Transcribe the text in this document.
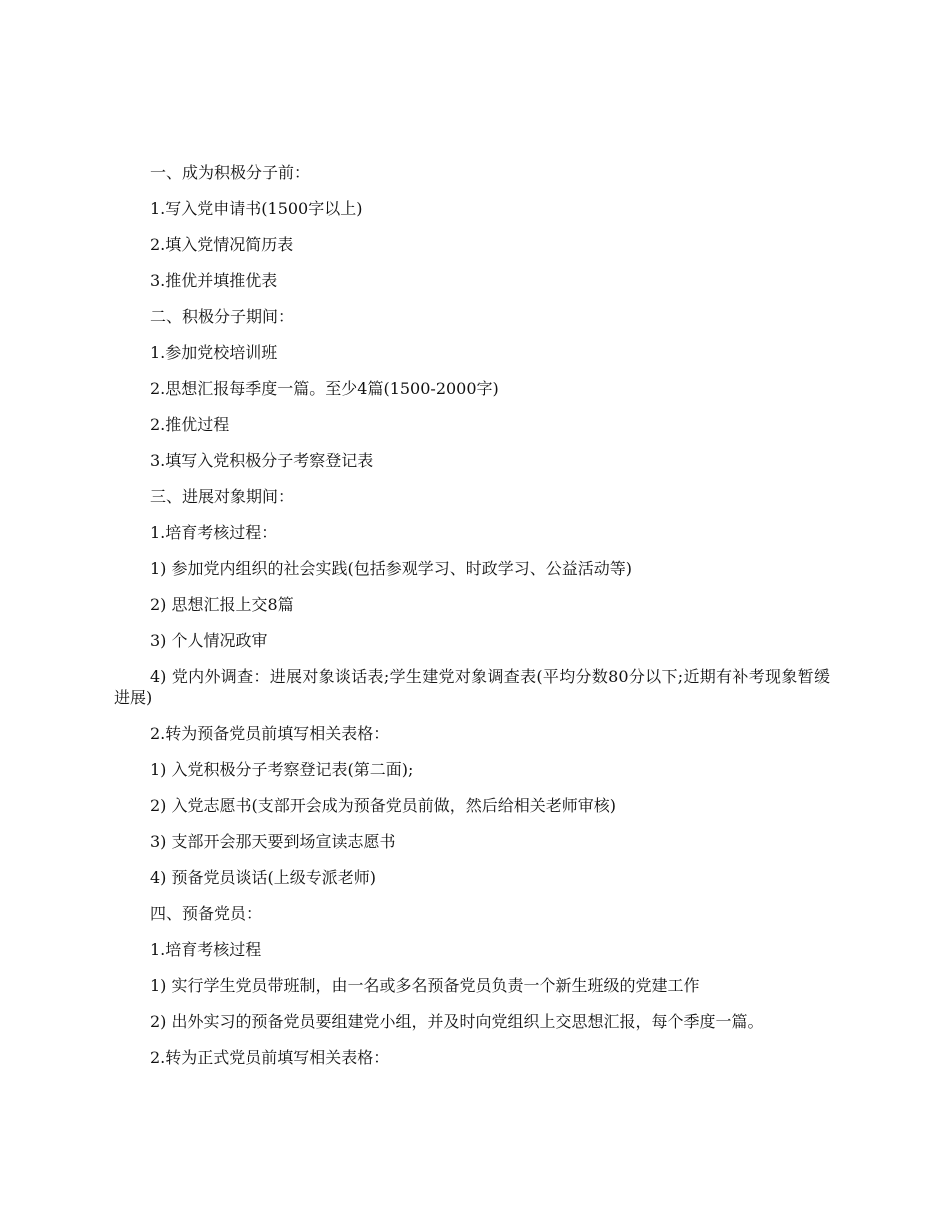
一、成为积极分子前：

1.写入党申请书(1500字以上)

2.填入党情况简历表

3.推优并填推优表

二、积极分子期间：

1.参加党校培训班

2.思想汇报每季度一篇。至少4篇(1500-2000字)

2.推优过程

3.填写入党积极分子考察登记表

三、进展对象期间：

1.培育考核过程：

1) 参加党内组织的社会实践(包括参观学习、时政学习、公益活动等)

2) 思想汇报上交8篇

3) 个人情况政审

4) 党内外调查：进展对象谈话表;学生建党对象调查表(平均分数80分以下;近期有补考现象暂缓进展)

2.转为预备党员前填写相关表格：

1) 入党积极分子考察登记表(第二面);

2) 入党志愿书(支部开会成为预备党员前做，然后给相关老师审核)

3) 支部开会那天要到场宣读志愿书

4) 预备党员谈话(上级专派老师)

四、预备党员：

1.培育考核过程

1) 实行学生党员带班制，由一名或多名预备党员负责一个新生班级的党建工作

2) 出外实习的预备党员要组建党小组，并及时向党组织上交思想汇报，每个季度一篇。

2.转为正式党员前填写相关表格：
